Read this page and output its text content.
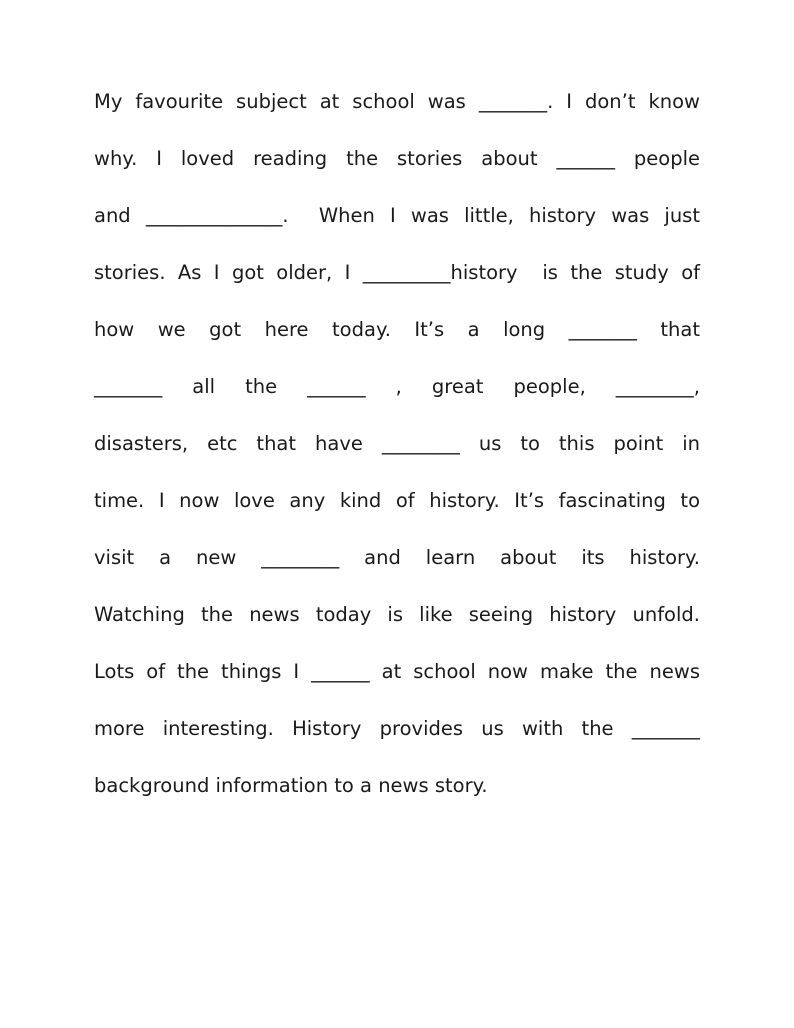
My favourite subject at school was _______. I don’t know
why. I loved reading the stories about ______ people
and ______________.  When I was little, history was just
stories. As I got older, I _________history  is the study of
how we got here today. It’s a long _______ that
_______ all the ______ , great people, ________,
disasters, etc that have ________ us to this point in
time. I now love any kind of history. It’s fascinating to
visit a new ________ and learn about its history.
Watching the news today is like seeing history unfold.
Lots of the things I ______ at school now make the news
more interesting. History provides us with the _______
background information to a news story.
